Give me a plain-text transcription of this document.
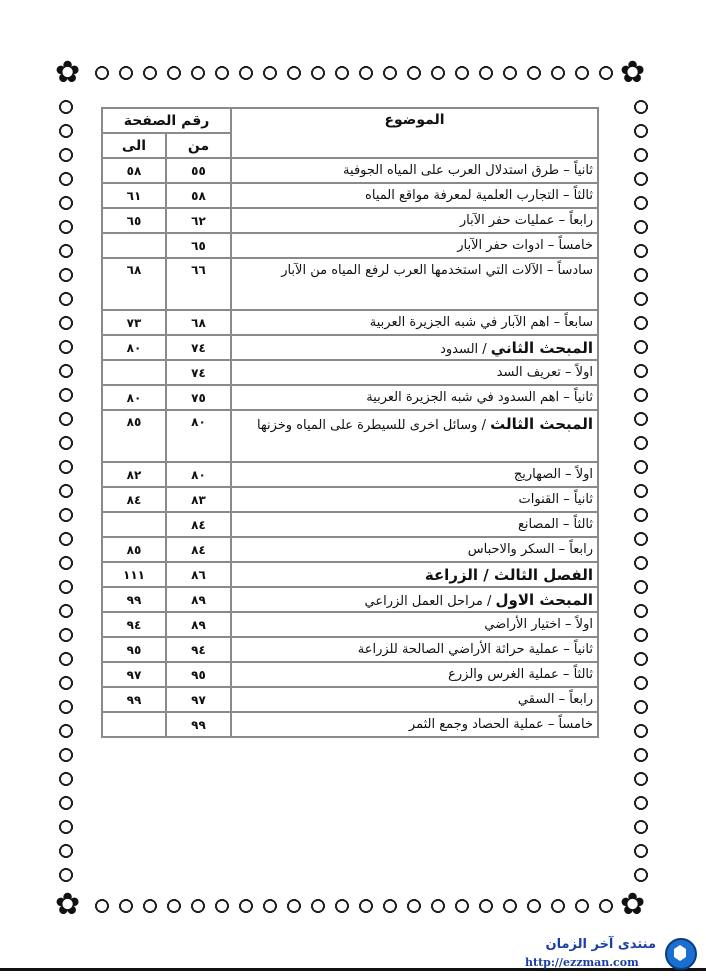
✿	✿
✿	✿
الموضوع	رقم الصفحة	
	من	الى
ثانياً – طرق استدلال العرب على المياه الجوفية	٥٥	٥٨
ثالثاً – التجارب العلمية لمعرفة مواقع المياه	٥٨	٦١
رابعاً – عمليات حفر الآبار	٦٢	٦٥
خامساً – ادوات حفر الآبار	٦٥	
سادساً – الآلات التي استخدمها العرب لرفع المياه من الآبار	٦٦	٦٨
سابعاً – اهم الآبار في شبه الجزيرة العربية	٦٨	٧٣
المبحث الثاني / السدود	٧٤	٨٠
اولاً – تعريف السد	٧٤	
ثانياً – اهم السدود في شبه الجزيرة العربية	٧٥	٨٠
المبحث الثالث / وسائل اخرى للسيطرة على المياه وخزنها	٨٠	٨٥
اولاً – الصهاريج	٨٠	٨٢
ثانياً – القنوات	٨٣	٨٤
ثالثاً – المصانع	٨٤	
رابعاً – السكر والاحباس	٨٤	٨٥
الفصل الثالث / الزراعة	٨٦	١١١
المبحث الاول / مراحل العمل الزراعي	٨٩	٩٩
اولاً – اختيار الأراضي	٨٩	٩٤
ثانياً – عملية حراثة الأراضي الصالحة للزراعة	٩٤	٩٥
ثالثاً – عملية الغرس والزرع	٩٥	٩٧
رابعاً – السقي	٩٧	٩٩
خامساً – عملية الحصاد وجمع الثمر	٩٩	
منتدى آخر الزمان
http://ezzman.com
